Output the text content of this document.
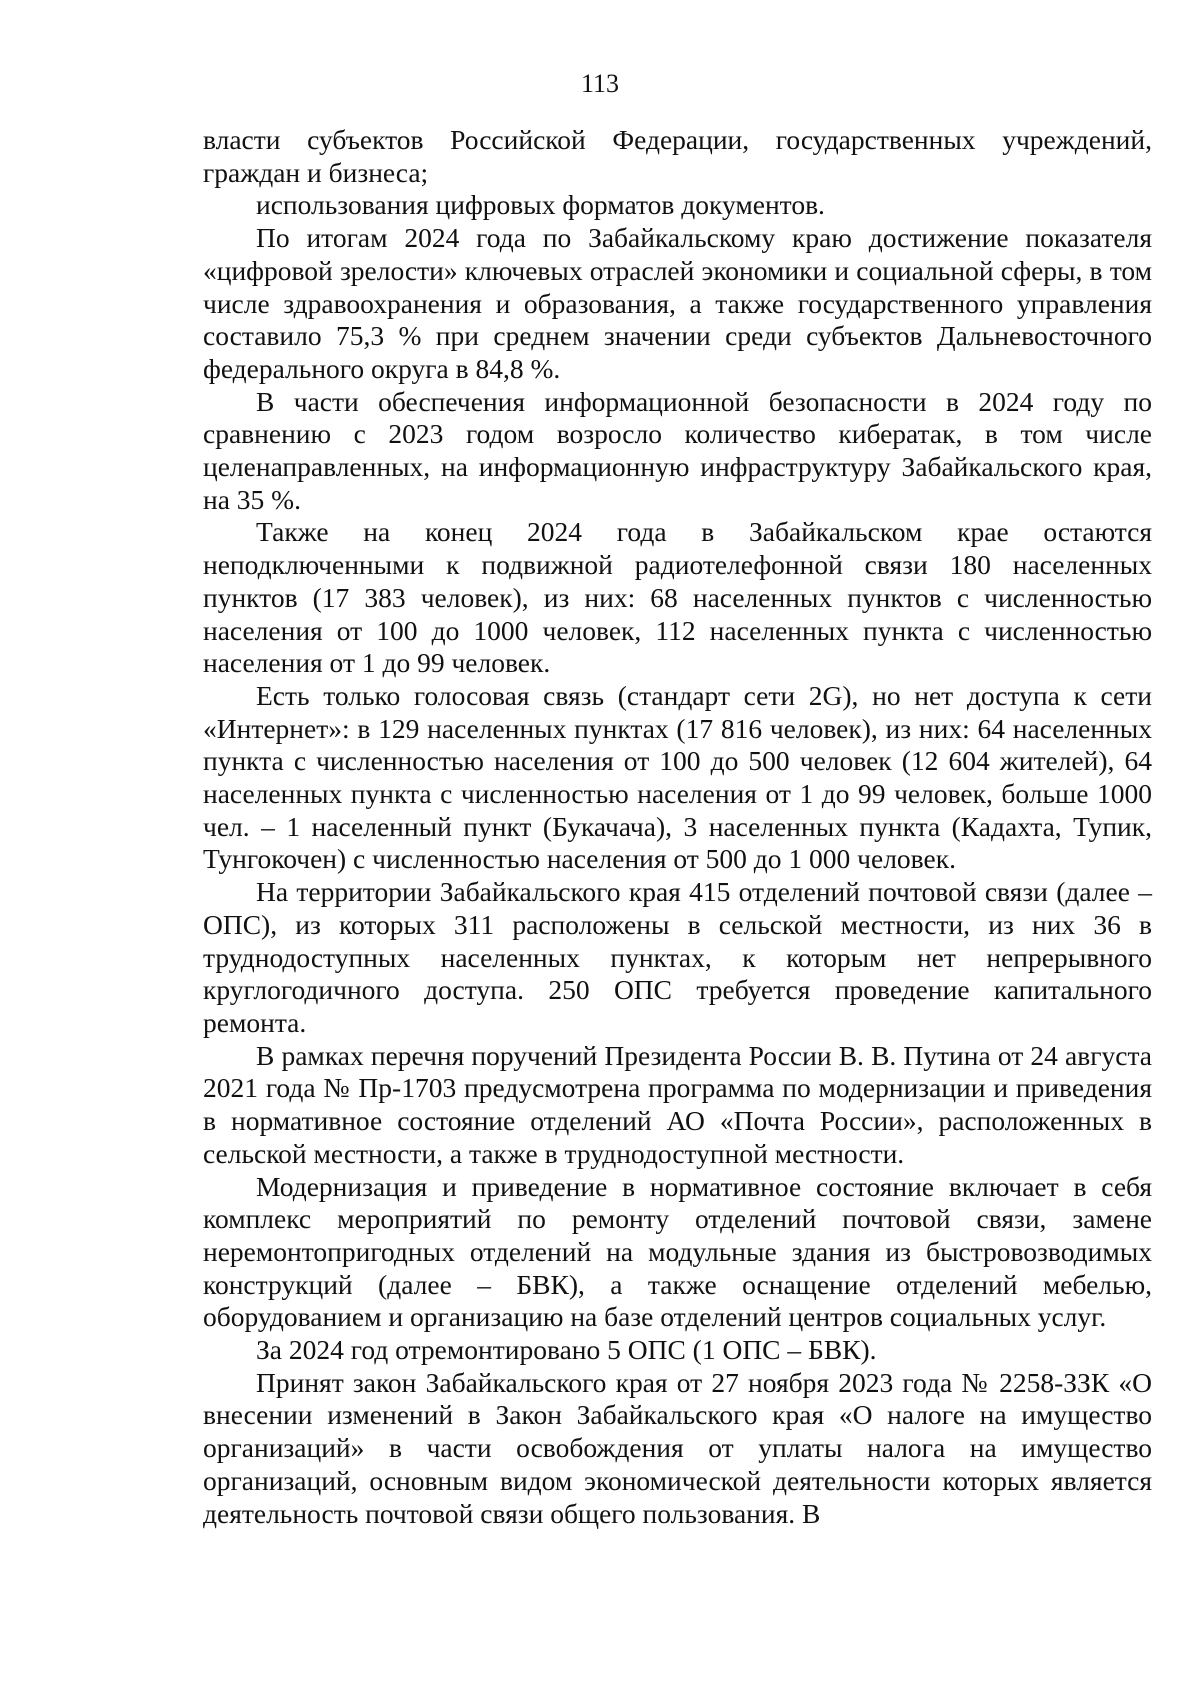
113

власти субъектов Российской Федерации, государственных учреждений, граждан и бизнеса;

использования цифровых форматов документов.

По итогам 2024 года по Забайкальскому краю достижение показателя «цифровой зрелости» ключевых отраслей экономики и социальной сферы, в том числе здравоохранения и образования, а также государственного управления составило 75,3 % при среднем значении среди субъектов Дальневосточного федерального округа в 84,8 %.

В части обеспечения информационной безопасности в 2024 году по сравнению с 2023 годом возросло количество кибератак, в том числе целенаправленных, на информационную инфраструктуру Забайкальского края, на 35 %.

Также на конец 2024 года в Забайкальском крае остаются неподключенными к подвижной радиотелефонной связи 180 населенных пунктов (17 383 человек), из них: 68 населенных пунктов с численностью населения от 100 до 1000 человек, 112 населенных пункта с численностью населения от 1 до 99 человек.

Есть только голосовая связь (стандарт сети 2G), но нет доступа к сети «Интернет»: в 129 населенных пунктах (17 816 человек), из них: 64 населенных пункта с численностью населения от 100 до 500 человек (12 604 жителей), 64 населенных пункта с численностью населения от 1 до 99 человек, больше 1000 чел. – 1 населенный пункт (Букачача), 3 населенных пункта (Кадахта, Тупик, Тунгокочен) с численностью населения от 500 до 1 000 человек.

На территории Забайкальского края 415 отделений почтовой связи (далее – ОПС), из которых 311 расположены в сельской местности, из них 36 в труднодоступных населенных пунктах, к которым нет непрерывного круглогодичного доступа. 250 ОПС требуется проведение капитального ремонта.

В рамках перечня поручений Президента России В. В. Путина от 24 августа 2021 года № Пр-1703 предусмотрена программа по модернизации и приведения в нормативное состояние отделений АО «Почта России», расположенных в сельской местности, а также в труднодоступной местности.

Модернизация и приведение в нормативное состояние включает в себя комплекс мероприятий по ремонту отделений почтовой связи, замене неремонтопригодных отделений на модульные здания из быстровозводимых конструкций (далее – БВК), а также оснащение отделений мебелью, оборудованием и организацию на базе отделений центров социальных услуг.

За 2024 год отремонтировано 5 ОПС (1 ОПС – БВК).

Принят закон Забайкальского края от 27 ноября 2023 года № 2258-ЗЗК «О внесении изменений в Закон Забайкальского края «О налоге на имущество организаций» в части освобождения от уплаты налога на имущество организаций, основным видом экономической деятельности которых является деятельность почтовой связи общего пользования. В
